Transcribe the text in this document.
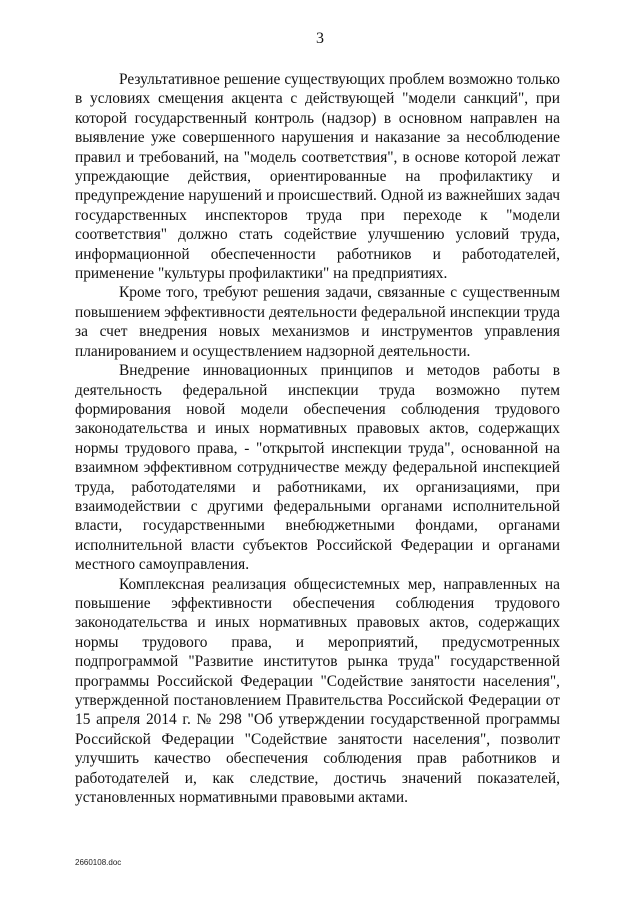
3

Результативное решение существующих проблем возможно только в условиях смещения акцента с действующей "модели санкций", при которой государственный контроль (надзор) в основном направлен на выявление уже совершенного нарушения и наказание за несоблюдение правил и требований, на "модель соответствия", в основе которой лежат упреждающие действия, ориентированные на профилактику и предупреждение нарушений и происшествий. Одной из важнейших задач государственных инспекторов труда при переходе к "модели соответствия" должно стать содействие улучшению условий труда, информационной обеспеченности работников и работодателей, применение "культуры профилактики" на предприятиях.

Кроме того, требуют решения задачи, связанные с существенным повышением эффективности деятельности федеральной инспекции труда за счет внедрения новых механизмов и инструментов управления планированием и осуществлением надзорной деятельности.

Внедрение инновационных принципов и методов работы в деятельность федеральной инспекции труда возможно путем формирования новой модели обеспечения соблюдения трудового законодательства и иных нормативных правовых актов, содержащих нормы трудового права, - "открытой инспекции труда", основанной на взаимном эффективном сотрудничестве между федеральной инспекцией труда, работодателями и работниками, их организациями, при взаимодействии с другими федеральными органами исполнительной власти, государственными внебюджетными фондами, органами исполнительной власти субъектов Российской Федерации и органами местного самоуправления.

Комплексная реализация общесистемных мер, направленных на повышение эффективности обеспечения соблюдения трудового законодательства и иных нормативных правовых актов, содержащих нормы трудового права, и мероприятий, предусмотренных подпрограммой "Развитие институтов рынка труда" государственной программы Российской Федерации "Содействие занятости населения", утвержденной постановлением Правительства Российской Федерации от 15 апреля 2014 г. № 298 "Об утверждении государственной программы Российской Федерации "Содействие занятости населения", позволит улучшить качество обеспечения соблюдения прав работников и работодателей и, как следствие, достичь значений показателей, установленных нормативными правовыми актами.

2660108.doc
